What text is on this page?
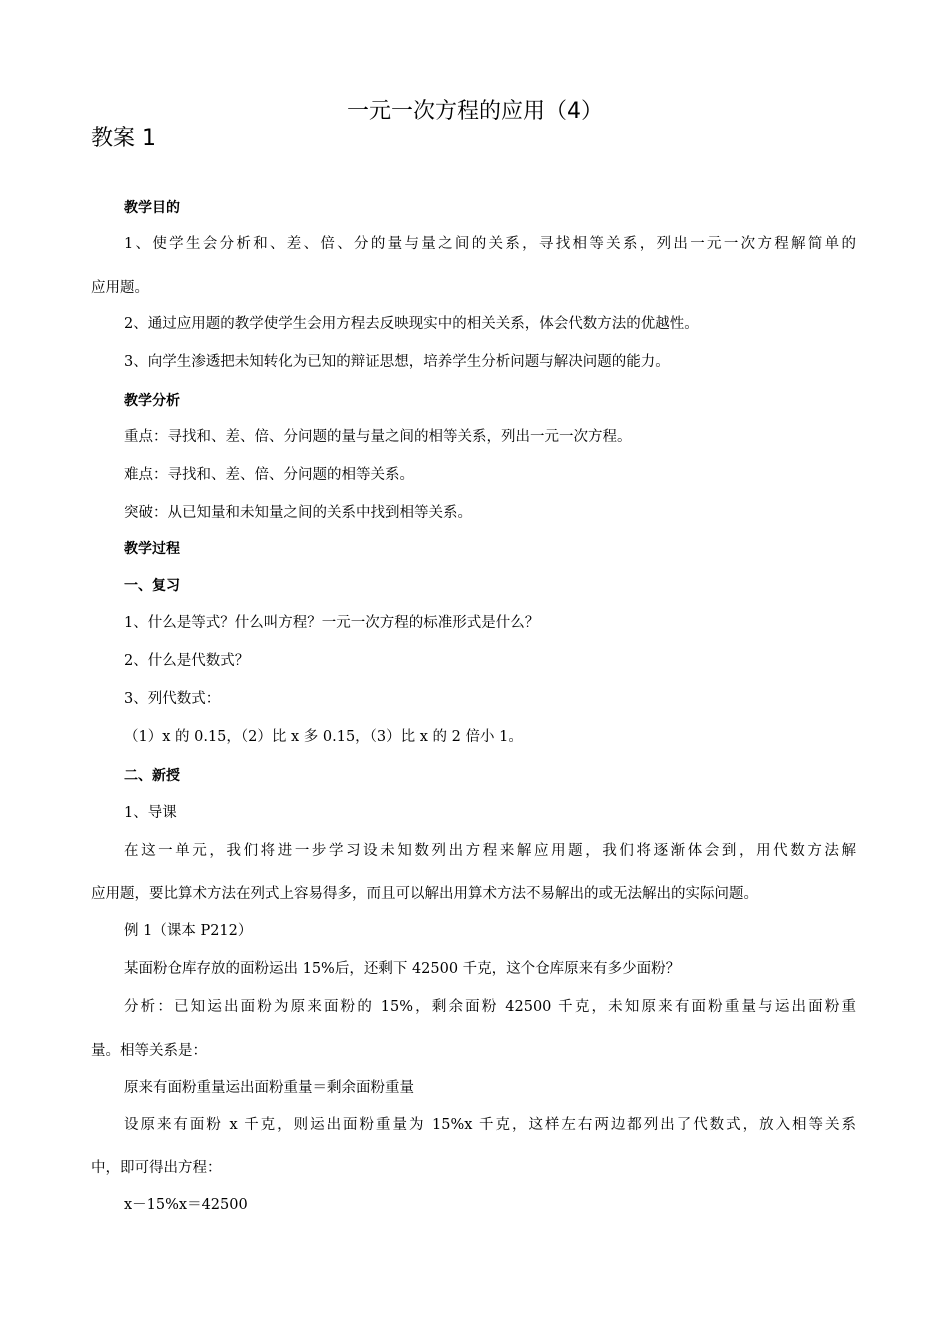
一元一次方程的应用（4）
教案 1
教学目的
1、使学生会分析和、差、倍、分的量与量之间的关系，寻找相等关系，列出一元一次方程解简单的
应用题。
2、通过应用题的教学使学生会用方程去反映现实中的相关关系，体会代数方法的优越性。
3、向学生渗透把未知转化为已知的辩证思想，培养学生分析问题与解决问题的能力。
教学分析
重点：寻找和、差、倍、分问题的量与量之间的相等关系，列出一元一次方程。
难点：寻找和、差、倍、分问题的相等关系。
突破：从已知量和未知量之间的关系中找到相等关系。
教学过程
一、复习
1、什么是等式？什么叫方程？一元一次方程的标准形式是什么？
2、什么是代数式？
3、列代数式：
（1）x 的 0.15，（2）比 x 多 0.15，（3）比 x 的 2 倍小 1。
二、新授
1、导课
在这一单元，我们将进一步学习设未知数列出方程来解应用题，我们将逐渐体会到，用代数方法解
应用题，要比算术方法在列式上容易得多，而且可以解出用算术方法不易解出的或无法解出的实际问题。
例 1（课本 P212）
某面粉仓库存放的面粉运出 15%后，还剩下 42500 千克，这个仓库原来有多少面粉？
分析：已知运出面粉为原来面粉的 15%，剩余面粉 42500 千克，未知原来有面粉重量与运出面粉重
量。相等关系是：
原来有面粉重量运出面粉重量＝剩余面粉重量
设原来有面粉 x 千克，则运出面粉重量为 15%x 千克，这样左右两边都列出了代数式，放入相等关系
中，即可得出方程：
x－15%x＝42500
